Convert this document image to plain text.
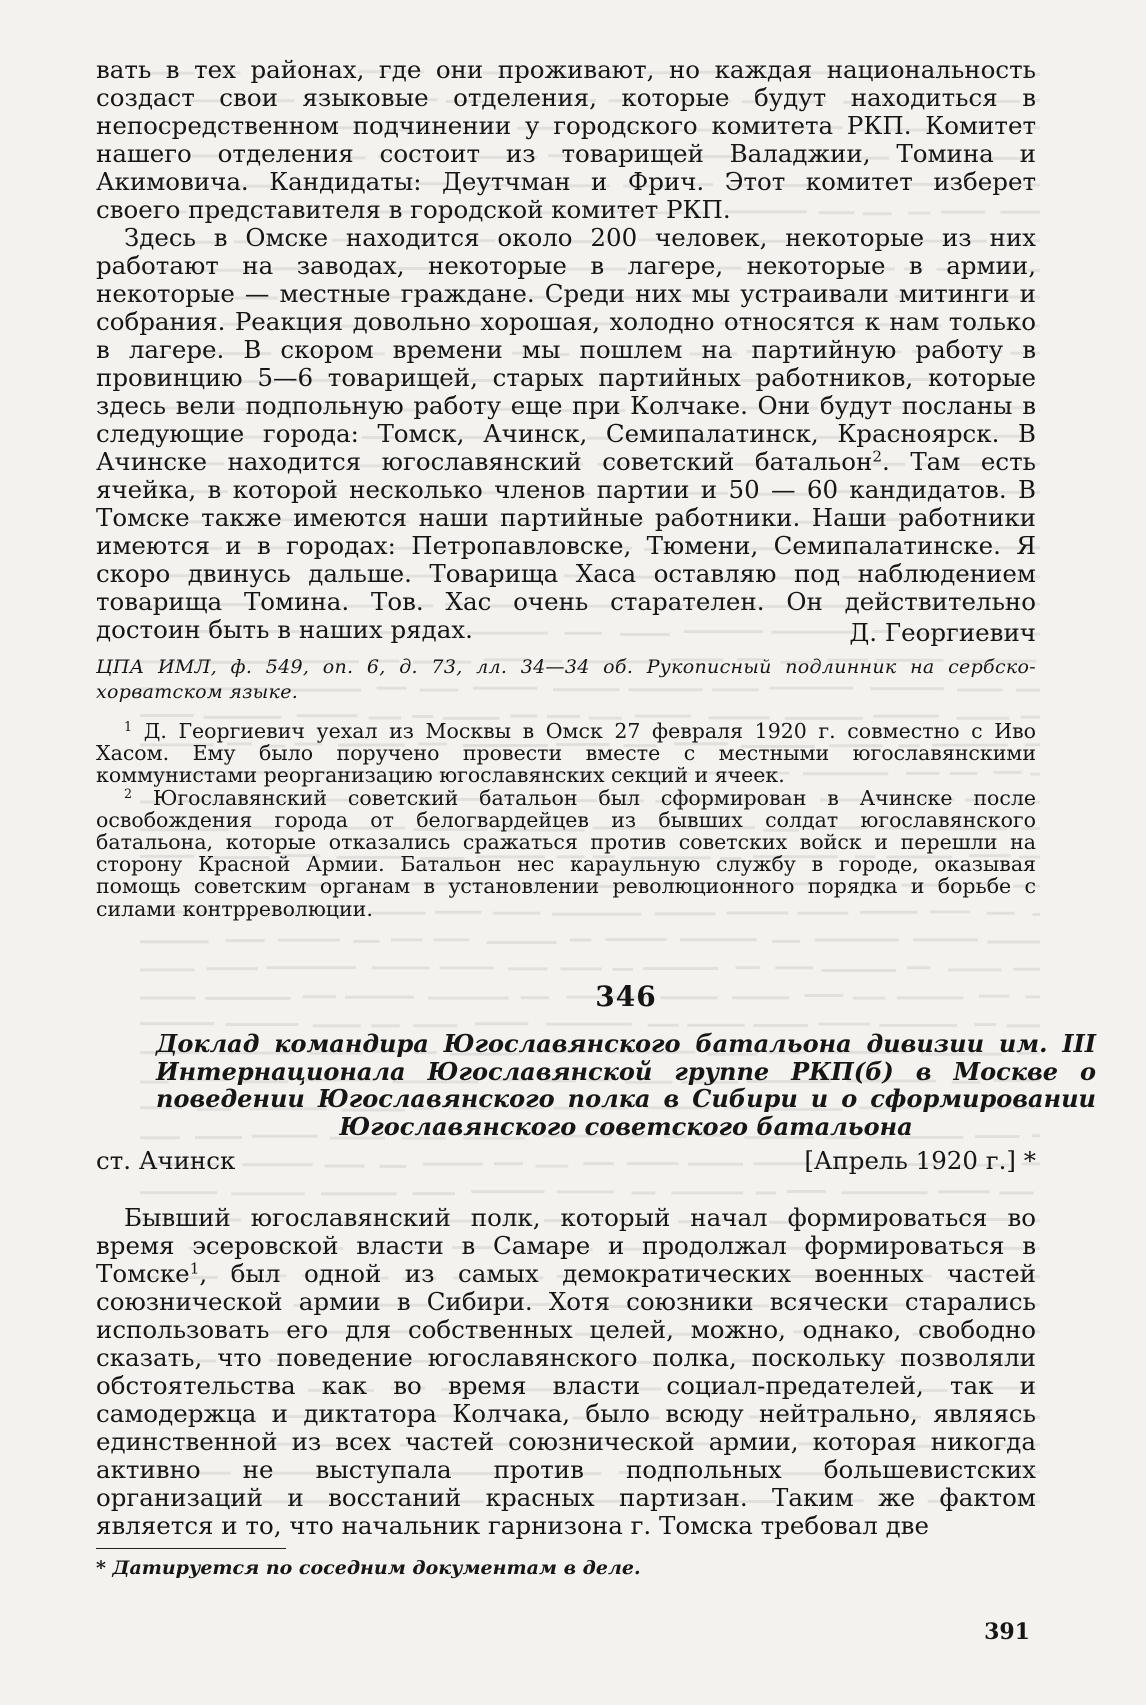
вать в тех районах, где они проживают, но каждая национальность создаст свои языковые отделения, которые будут находиться в непосредственном подчинении у городского комитета РКП. Комитет нашего отделения состоит из товарищей Валаджии, Томина и Акимовича. Кандидаты: Деутчман и Фрич. Этот комитет изберет своего представителя в городской комитет РКП.

Здесь в Омске находится около 200 человек, некоторые из них работают на заводах, некоторые в лагере, некоторые в армии, некоторые — местные граждане. Среди них мы устраивали митинги и собрания. Реакция довольно хорошая, холодно относятся к нам только в лагере. В скором времени мы пошлем на партийную работу в провинцию 5—6 товарищей, старых партийных работников, которые здесь вели подпольную работу еще при Колчаке. Они будут посланы в следующие города: Томск, Ачинск, Семипалатинск, Красноярск. В Ачинске находится югославянский советский батальон$^2$. Там есть ячейка, в которой несколько членов партии и 50 — 60 кандидатов. В Томске также имеются наши партийные работники. Наши работники имеются и в городах: Петропавловске, Тюмени, Семипалатинске. Я скоро двинусь дальше. Товарища Хаса оставляю под наблюдением товарища Томина. Тов. Хас очень старателен. Он действительно достоин быть в наших рядах.	Д. Георгиевич
ЦПА ИМЛ, ф. 549, оп. 6, д. 73, лл. 34—34 об. Рукописный подлинник на сербско-хорватском языке.

$^1$ Д. Георгиевич уехал из Москвы в Омск 27 февраля 1920 г. совместно с Иво Хасом. Ему было поручено провести вместе с местными югославянскими коммунистами реорганизацию югославянских секций и ячеек.

$^2$ Югославянский советский батальон был сформирован в Ачинске после освобождения города от белогвардейцев из бывших солдат югославянского батальона, которые отказались сражаться против советских войск и перешли на сторону Красной Армии. Батальон нес караульную службу в городе, оказывая помощь советским органам в установлении революционного порядка и борьбе с силами контрреволюции.

346
Доклад командира Югославянского батальона дивизии им. III Интернационала Югославянской группе РКП(б) в Москве о поведении Югославянского полка в Сибири и о сформировании Югославянского советского батальона
ст. Ачинск	[Апрель 1920 г.] *

Бывший югославянский полк, который начал формироваться во время эсеровской власти в Самаре и продолжал формироваться в Томске$^1$, был одной из самых демократических военных частей союзнической армии в Сибири. Хотя союзники всячески старались использовать его для собственных целей, можно, однако, свободно сказать, что поведение югославянского полка, поскольку позволяли обстоятельства как во время власти социал-предателей, так и самодержца и диктатора Колчака, было всюду нейтрально, являясь единственной из всех частей союзнической армии, которая никогда активно не выступала против подпольных большевистских организаций и восстаний красных партизан. Таким же фактом является и то, что начальник гарнизона г. Томска требовал две

* Датируется по соседним документам в деле.
391
